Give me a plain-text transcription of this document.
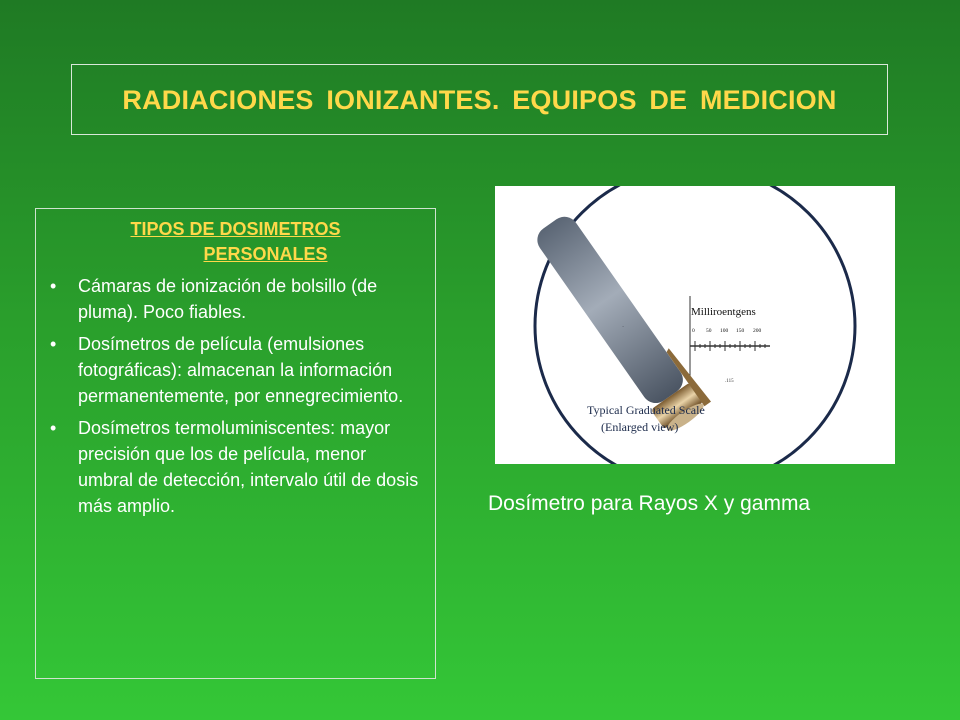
RADIACIONES IONIZANTES. EQUIPOS DE MEDICION

TIPOS DE DOSIMETROS
PERSONALES

• Cámaras de ionización de bolsillo (de pluma). Poco fiables.
• Dosímetros de película (emulsiones fotográficas): almacenan la información permanentemente, por ennegrecimiento.
• Dosímetros termoluminiscentes: mayor precisión que los de película, menor umbral de detección, intervalo útil de dosis más amplio.
Milliroentgens
0 50 100 150 200
.115
·
Typical Graduated Scale
(Enlarged view)
Dosímetro para Rayos X y gamma
